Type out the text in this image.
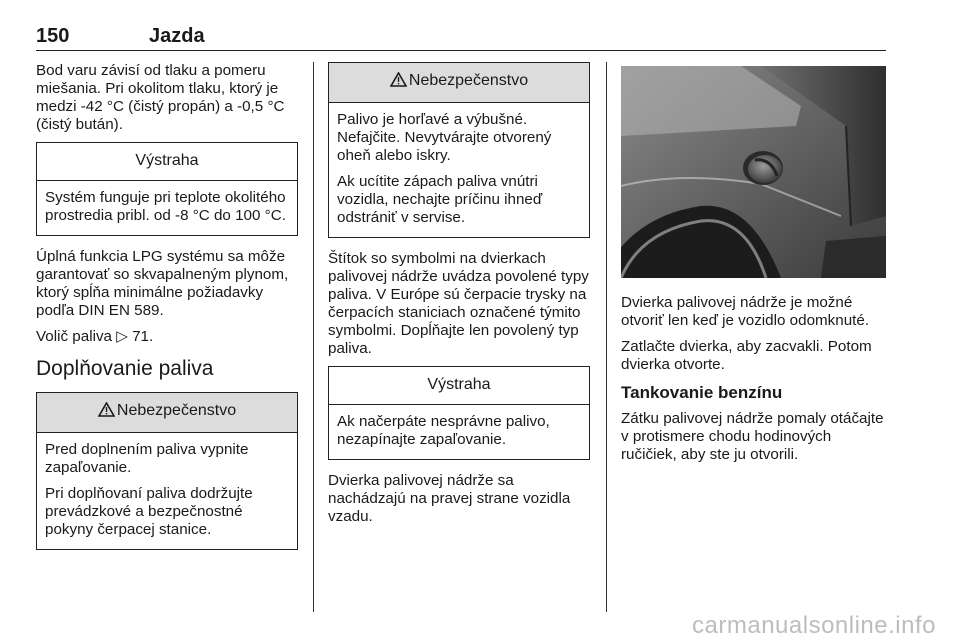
150	Jazda

Bod varu závisí od tlaku a pomeru miešania. Pri okolitom tlaku, ktorý je medzi -42 °C (čistý propán) a -0,5 °C (čistý bután).

Výstraha

Systém funguje pri teplote okolitého prostredia pribl. od -8 °C do 100 °C.

Úplná funkcia LPG systému sa môže garantovať so skvapalneným plynom, ktorý spĺňa minimálne požiadavky podľa DIN EN 589.

Volič paliva ▷ 71.

Doplňovanie paliva
Nebezpečenstvo

Pred doplnením paliva vypnite zapaľovanie.

Pri doplňovaní paliva dodržujte prevádzkové a bezpečnostné pokyny čerpacej stanice.

Nebezpečenstvo

Palivo je horľavé a výbušné. Nefajčite. Nevytvárajte otvorený oheň alebo iskry.

Ak ucítite zápach paliva vnútri vozidla, nechajte príčinu ihneď odstrániť v servise.

Štítok so symbolmi na dvierkach palivovej nádrže uvádza povolené typy paliva. V Európe sú čerpacie trysky na čerpacích staniciach označené týmito symbolmi. Dopĺňajte len povolený typ paliva.

Výstraha

Ak načerpáte nesprávne palivo, nezapínajte zapaľovanie.

Dvierka palivovej nádrže sa nachádzajú na pravej strane vozidla vzadu.

Dvierka palivovej nádrže je možné otvoriť len keď je vozidlo odomknuté.

Zatlačte dvierka, aby zacvakli. Potom dvierka otvorte.

Tankovanie benzínu

Zátku palivovej nádrže pomaly otáčajte v protismere chodu hodinových ručičiek, aby ste ju otvorili.

carmanualsonline.info
